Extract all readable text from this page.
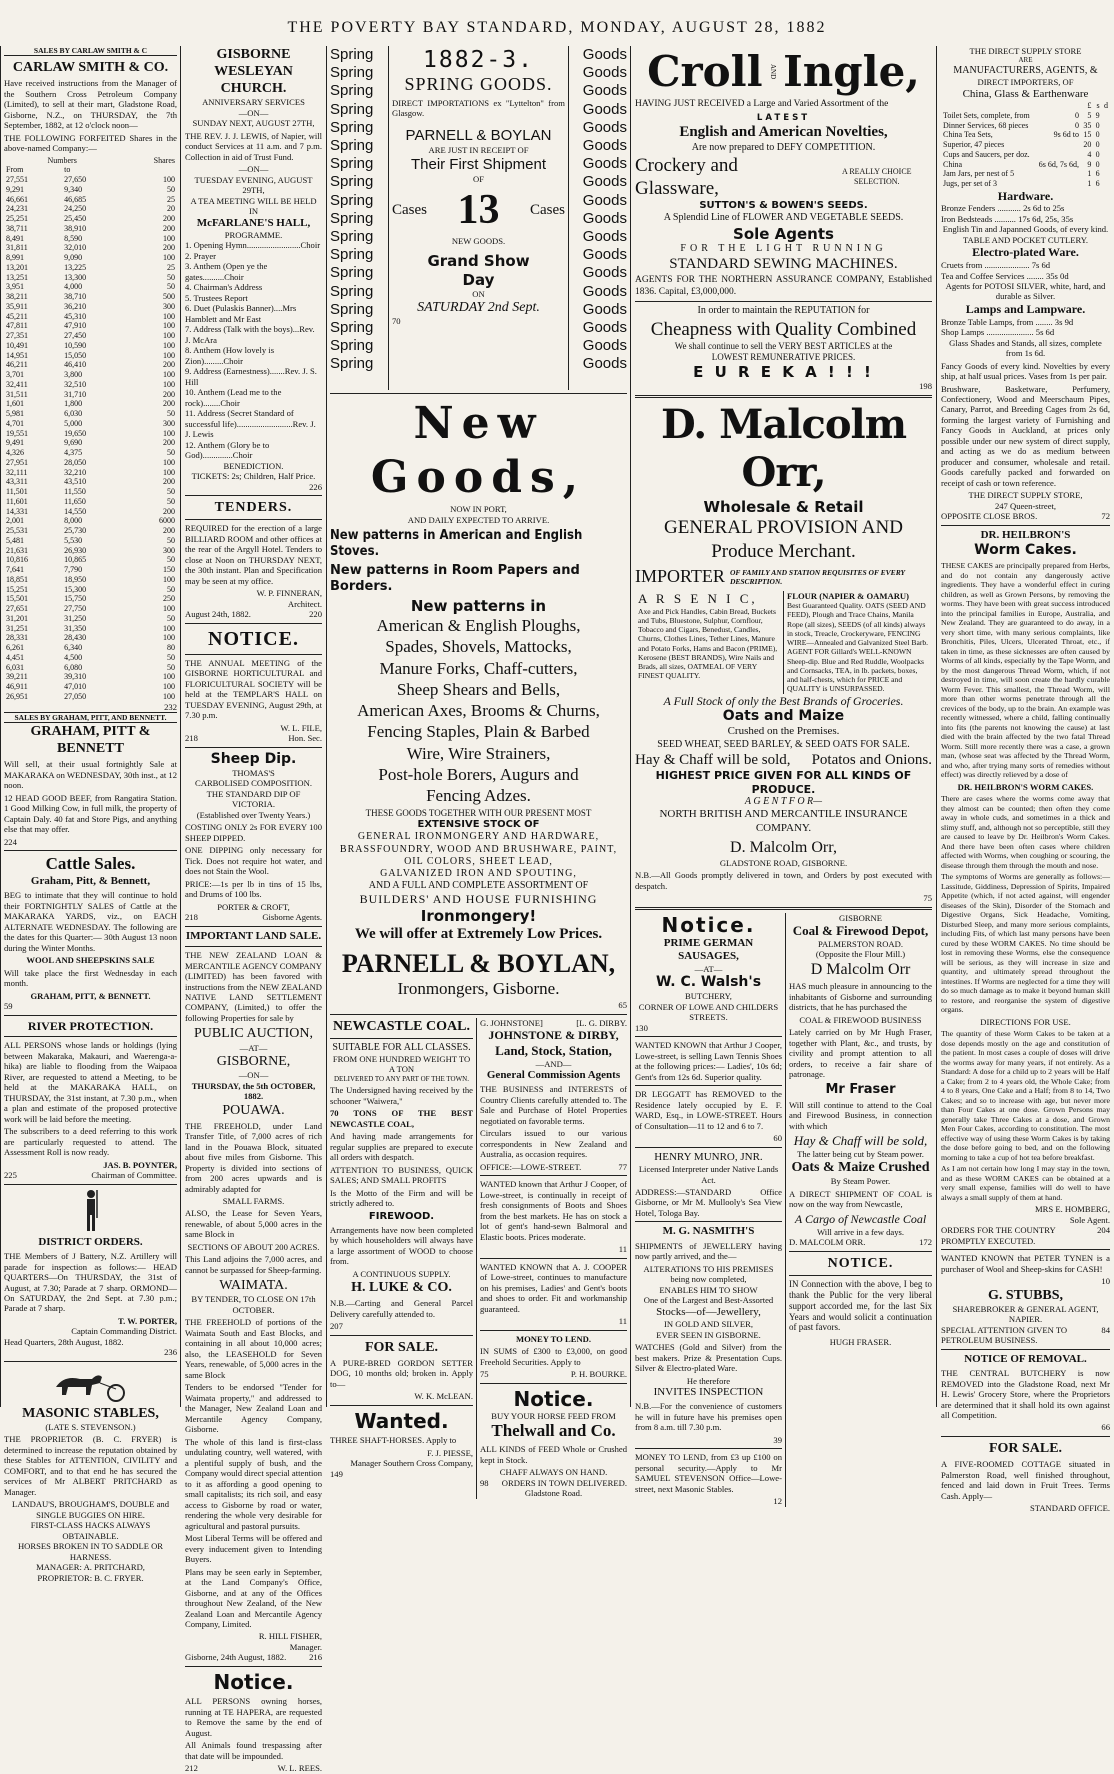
THE POVERTY BAY STANDARD, MONDAY, AUGUST 28, 1882
SALES BY CARLAW SMITH & C
CARLAW SMITH & CO.
Have received instructions from the Manager of the Southern Cross Petroleum Company (Limited), to sell at their mart, Gladstone Road, Gisborne, N.Z., on THURSDAY, the 7th September, 1882, at 12 o'clock noon—
THE FOLLOWING FORFEITED Shares in the above-named Company:—
Numbers		Shares
From	to	
27,551	27,650	100
9,291	9,340	50
46,661	46,685	25
24,231	24,250	20
25,251	25,450	200
38,711	38,910	200
8,491	8,590	100
31,811	32,010	200
8,991	9,090	100
13,201	13,225	25
13,251	13,300	50
3,951	4,000	50
38,211	38,710	500
35,911	36,210	300
45,211	45,310	100
47,811	47,910	100
27,351	27,450	100
10,491	10,590	100
14,951	15,050	100
46,211	46,410	200
3,701	3,800	100
32,411	32,510	100
31,511	31,710	200
1,601	1,800	200
5,981	6,030	50
4,701	5,000	300
19,551	19,650	100
9,491	9,690	200
4,326	4,375	50
27,951	28,050	100
32,111	32,210	100
43,311	43,510	200
11,501	11,550	50
11,601	11,650	50
14,331	14,550	200
2,001	8,000	6000
25,531	25,730	200
5,481	5,530	50
21,631	26,930	300
10,816	10,865	50
7,641	7,790	150
18,851	18,950	100
15,251	15,300	50
15,501	15,750	250
27,651	27,750	100
31,201	31,250	50
31,251	31,350	100
28,331	28,430	100
6,261	6,340	80
4,451	4,500	50
6,031	6,080	50
39,211	39,310	100
46,911	47,010	100
26,951	27,050	100
232
SALES BY GRAHAM, PITT, AND BENNETT.
GRAHAM, PITT & BENNETT
Will sell, at their usual fortnightly Sale at MAKARAKA on WEDNESDAY, 30th inst., at 12 noon.
12 HEAD GOOD BEEF, from Rangatira Station. 1 Good Milking Cow, in full milk, the property of Captain Daly. 40 fat and Store Pigs, and anything else that may offer.
224
Cattle Sales.
Graham, Pitt, & Bennett,
BEG to intimate that they will continue to hold their FORTNIGHTLY SALES of Cattle at the MAKARAKA YARDS, viz., on EACH ALTERNATE WEDNESDAY. The following are the dates for this Quarter:— 30th August 13 noon during the Winter Months.
WOOL AND SHEEPSKINS SALE
Will take place the first Wednesday in each month.
GRAHAM, PITT, & BENNETT.
59
RIVER PROTECTION.
ALL PERSONS whose lands or holdings (lying between Makaraka, Makauri, and Waerenga-a-hika) are liable to flooding from the Waipaoa River, are requested to attend a Meeting, to be held at the MAKARAKA HALL, on THURSDAY, the 31st instant, at 7.30 p.m., when a plan and estimate of the proposed protective work will be laid before the meeting.
The subscribers to a deed referring to this work are particularly requested to attend. The Assessment Roll is now ready.
JAS. B. POYNTER,
225	Chairman of Committee.
DISTRICT ORDERS.
THE Members of J Battery, N.Z. Artillery will parade for inspection as follows:— HEAD QUARTERS—On THURSDAY, the 31st of August, at 7.30; Parade at 7 sharp. ORMOND—On SATURDAY, the 2nd Sept. at 7.30 p.m.; Parade at 7 sharp.
T. W. PORTER,
Captain Commanding District.
Head Quarters, 28th August, 1882.
236
MASONIC STABLES,
(LATE S. STEVENSON.)
THE PROPRIETOR (B. C. FRYER) is determined to increase the reputation obtained by these Stables for ATTENTION, CIVILITY and COMFORT, and to that end he has secured the services of Mr ALBERT PRITCHARD as Manager.
LANDAU'S, BROUGHAM'S, DOUBLE and SINGLE BUGGIES ON HIRE.
FIRST-CLASS HACKS ALWAYS OBTAINABLE.
HORSES BROKEN IN TO SADDLE OR HARNESS.
MANAGER: A. PRITCHARD,
PROPRIETOR: B. C. FRYER.
GISBORNE
WESLEYAN CHURCH.
ANNIVERSARY SERVICES
—ON—
SUNDAY NEXT, AUGUST 27TH,
THE REV. J. J. LEWIS, of Napier, will conduct Services at 11 a.m. and 7 p.m. Collection in aid of Trust Fund.
—ON—
TUESDAY EVENING, AUGUST 29TH,
A TEA MEETING WILL BE HELD IN
McFARLANE'S HALL,
PROGRAMME.
1. Opening Hymn.........................Choir
2. Prayer
3. Anthem (Open ye the gates..........Choir
4. Chairman's Address
5. Trustees Report
6. Duet (Pulaskis Banner)....Mrs Hamblett and Mr East
7. Address (Talk with the boys)...Rev. J. McAra
8. Anthem (How lovely is Zion).........Choir
9. Address (Earnestness).......Rev. J. S. Hill
10. Anthem (Lead me to the rock)........Choir
11. Address (Secret Standard of successful life)..........................Rev. J. J. Lewis
12. Anthem (Glory be to God)..............Choir
BENEDICTION.
TICKETS: 2s; Children, Half Price.
226
TENDERS.
REQUIRED for the erection of a large BILLIARD ROOM and other offices at the rear of the Argyll Hotel. Tenders to close at Noon on THURSDAY NEXT, the 30th instant. Plan and Specification may be seen at my office.
W. P. FINNERAN,
Architect.
August 24th, 1882.	220
NOTICE.
THE ANNUAL MEETING of the GISBORNE HORTICULTURAL and FLORICULTURAL SOCIETY will be held at the TEMPLAR'S HALL on TUESDAY EVENING, August 29th, at 7.30 p.m.
W. L. FILE,
218	Hon. Sec.
Sheep Dip.
THOMAS'S
CARBOLISED COMPOSITION.
THE STANDARD DIP OF VICTORIA.
(Established over Twenty Years.)
COSTING ONLY 2s FOR EVERY 100 SHEEP DIPPED.
ONE DIPPING only necessary for Tick. Does not require hot water, and does not Stain the Wool.
PRICE:—1s per lb in tins of 15 lbs, and Drums of 100 lbs.
PORTER & CROFT,
218	Gisborne Agents.
IMPORTANT LAND SALE.
THE NEW ZEALAND LOAN & MERCANTILE AGENCY COMPANY (LIMITED) has been favored with instructions from the NEW ZEALAND NATIVE LAND SETTLEMENT COMPANY, (Limited,) to offer the following Properties for sale by
PUBLIC AUCTION,
—AT—
GISBORNE,
—ON—
THURSDAY, the 5th OCTOBER, 1882.
POUAWA.
THE FREEHOLD, under Land Transfer Title, of 7,000 acres of rich land in the Pouawa Block, situated about five miles from Gisborne. This Property is divided into sections of from 200 acres upwards and is admirably adapted for
SMALL FARMS.
ALSO, the Lease for Seven Years, renewable, of about 5,000 acres in the same Block in
SECTIONS OF ABOUT 200 ACRES.
This Land adjoins the 7,000 acres, and cannot be surpassed for Sheep-farming.
WAIMATA.
BY TENDER, TO CLOSE ON 17th OCTOBER.
THE FREEHOLD of portions of the Waimata South and East Blocks, and containing in all about 10,000 acres; also, the LEASEHOLD for Seven Years, renewable, of 5,000 acres in the same Block
Tenders to be endorsed "Tender for Waimata property," and addressed to the Manager, New Zealand Loan and Mercantile Agency Company, Gisborne.
The whole of this land is first-class undulating country, well watered, with a plentiful supply of bush, and the Company would direct special attention to it as affording a good opening to small capitalists; its rich soil, and easy access to Gisborne by road or water, rendering the whole very desirable for agricultural and pastoral pursuits.
Most Liberal Terms will be offered and every inducement given to Intending Buyers.
Plans may be seen early in September, at the Land Company's Office, Gisborne, and at any of the Offices throughout New Zealand, of the New Zealand Loan and Mercantile Agency Company, Limited.
R. HILL FISHER,
Manager.
Gisborne, 24th August, 1882.	216
Notice.
ALL PERSONS owning horses, running at TE HAPERA, are requested to Remove the same by the end of August.
All Animals found trespassing after that date will be impounded.
212	W. L. REES.
Spring
Spring
Spring
Spring
Spring
Spring
Spring
Spring
Spring
Spring
Spring
Spring
Spring
Spring
Spring
Spring
Spring
Spring
1882-3.
SPRING GOODS.
DIRECT IMPORTATIONS ex "Lyttelton" from Glasgow.
PARNELL & BOYLAN
ARE JUST IN RECEIPT OF
Their First Shipment
OF
Cases 13 Cases
NEW GOODS.
Grand Show
Day
ON
SATURDAY 2nd Sept.
70
Goods
Goods
Goods
Goods
Goods
Goods
Goods
Goods
Goods
Goods
Goods
Goods
Goods
Goods
Goods
Goods
Goods
Goods
New Goods,
NOW IN PORT,
AND DAILY EXPECTED TO ARRIVE.
New patterns in American and English Stoves.
New patterns in Room Papers and Borders.
New patterns in
American & English Ploughs,
Spades, Shovels, Mattocks,
Manure Forks, Chaff-cutters,
Sheep Shears and Bells,
American Axes, Brooms & Churns,
Fencing Staples, Plain & Barbed
Wire, Wire Strainers,
Post-hole Borers, Augurs and
Fencing Adzes.
THESE GOODS TOGETHER WITH OUR PRESENT MOST
EXTENSIVE STOCK OF
GENERAL IRONMONGERY AND HARDWARE,
BRASSFOUNDRY, WOOD AND BRUSHWARE, PAINT,
OIL COLORS, SHEET LEAD,
GALVANIZED IRON AND SPOUTING,
AND A FULL AND COMPLETE ASSORTMENT OF
BUILDERS' AND HOUSE FURNISHING
Ironmongery!
We will offer at Extremely Low Prices.
PARNELL & BOYLAN,
Ironmongers, Gisborne.
65
NEWCASTLE COAL.
SUITABLE FOR ALL CLASSES.
FROM ONE HUNDRED WEIGHT TO A TON
DELIVERED TO ANY PART OF THE TOWN.
The Undersigned having received by the schooner "Waiwera,"
70 TONS OF THE BEST NEWCASTLE COAL,
And having made arrangements for regular supplies are prepared to execute all orders with despatch.
ATTENTION TO BUSINESS, QUICK SALES; AND SMALL PROFITS
Is the Motto of the Firm and will be strictly adhered to.
FIREWOOD.
Arrangements have now been completed by which householders will always have a large assortment of WOOD to choose from.
A CONTINUOUS SUPPLY.
H. LUKE & CO.
N.B.—Carting and General Parcel Delivery carefully attended to.
207
FOR SALE.
A PURE-BRED GORDON SETTER DOG, 10 months old; broken in. Apply to—
W. K. McLEAN.
Wanted.
THREE SHAFT-HORSES. Apply to
F. J. PIESSE,
Manager Southern Cross Company,
149
G. JOHNSTONE]	[L. G. DIRBY.
JOHNSTONE & DIRBY,
Land, Stock, Station,
—AND—
General Commission Agents
THE BUSINESS and INTERESTS of Country Clients carefully attended to. The Sale and Purchase of Hotel Properties negotiated on favorable terms.
Circulars issued to our various correspondents in New Zealand and Australia, as occasion requires.
OFFICE:—LOWE-STREET.	77
WANTED known that Arthur J Cooper, of Lowe-street, is continually in receipt of fresh consignments of Boots and Shoes from the best markets. He has on stock a lot of gent's hand-sewn Balmoral and Elastic boots. Prices moderate.
11
WANTED KNOWN that A. J. COOPER of Lowe-street, continues to manufacture on his premises, Ladies' and Gent's boots and shoes to order. Fit and workmanship guaranteed.
11
MONEY TO LEND.
IN SUMS of £300 to £3,000, on good Freehold Securities. Apply to
75	P. H. BOURKE.
Notice.
BUY YOUR HORSE FEED FROM
Thelwall and Co.
ALL KINDS of FEED Whole or Crushed kept in Stock.
CHAFF ALWAYS ON HAND.
98 ORDERS IN TOWN DELIVERED.
Gladstone Road.
Croll AND Ingle,
HAVING JUST RECEIVED a Large and Varied Assortment of the
LATEST
English and American Novelties,
Are now prepared to DEFY COMPETITION.
Crockery and Glassware,
A REALLY CHOICE SELECTION.
SUTTON'S & BOWEN'S SEEDS.
A Splendid Line of FLOWER AND VEGETABLE SEEDS.
Sole Agents
FOR THE LIGHT RUNNING
STANDARD SEWING MACHINES.
AGENTS FOR THE NORTHERN ASSURANCE COMPANY, Established 1836. Capital, £3,000,000.
In order to maintain the REPUTATION for
Cheapness with Quality Combined
We shall continue to sell the VERY BEST ARTICLES at the
LOWEST REMUNERATIVE PRICES.
E U R E K A ! ! !
198
D. Malcolm Orr,
Wholesale & Retail
GENERAL PROVISION AND
Produce Merchant.
IMPORTER OF FAMILY AND STATION REQUISITES OF EVERY DESCRIPTION.
A R S E N I C,
Axe and Pick Handles, Cabin Bread, Buckets and Tubs, Bluestone, Sulphur, Cornflour, Tobacco and Cigars, Benedust, Candles, Churns, Clothes Lines, Tether Lines, Manure and Potato Forks, Hams and Bacon (PRIME), Kerosene (BEST BRANDS), Wire Nails and Brads, all sizes, OATMEAL OF VERY FINEST QUALITY.
FLOUR (NAPIER & OAMARU)
Best Guaranteed Quality. OATS (SEED AND FEED), Plough and Trace Chains, Manila Rope (all sizes), SEEDS (of all kinds) always in stock, Treacle, Crockeryware, FENCING WIRE—Annealed and Galvanized Steel Barb. AGENT FOR Gillard's WELL-KNOWN Sheep-dip. Blue and Red Ruddle, Woolpacks and Cornsacks, TEA, in lb. packets, boxes, and half-chests, which for PRICE and QUALITY is UNSURPASSED.
A Full Stock of only the Best Brands of Groceries.
Oats and Maize
Crushed on the Premises.
SEED WHEAT, SEED BARLEY, & SEED OATS FOR SALE.
Hay & Chaff will be sold, Potatos and Onions.
HIGHEST PRICE GIVEN FOR ALL KINDS OF PRODUCE.
A G E N T F O R—
NORTH BRITISH AND MERCANTILE INSURANCE COMPANY.
D. Malcolm Orr,
GLADSTONE ROAD, GISBORNE.
N.B.—All Goods promptly delivered in town, and Orders by post executed with despatch.
75
Notice.
PRIME GERMAN SAUSAGES,
—AT—
W. C. Walsh's
BUTCHERY,
CORNER OF LOWE AND CHILDERS STREETS.
130
WANTED KNOWN that Arthur J Cooper, Lowe-street, is selling Lawn Tennis Shoes at the following prices:— Ladies', 10s 6d; Gent's from 12s 6d. Superior quality.
DR LEGGATT has REMOVED to the Residence lately occupied by E. F. WARD, Esq., in LOWE-STREET. Hours of Consultation—11 to 12 and 6 to 7.
60
HENRY MUNRO, JNR.
Licensed Interpreter under Native Lands Act.
ADDRESS:—STANDARD Office Gisborne, or Mr M. Mullooly's Sea View Hotel, Tologa Bay.
M. G. NASMITH'S
SHIPMENTS of JEWELLERY having now partly arrived, and the—
ALTERATIONS TO HIS PREMISES
being now completed,
ENABLES HIM TO SHOW
One of the Largest and Best-Assorted
Stocks—of—Jewellery,
IN GOLD AND SILVER,
EVER SEEN IN GISBORNE.
WATCHES (Gold and Silver) from the best makers. Prize & Presentation Cups. Silver & Electro-plated Ware.
He therefore
INVITES INSPECTION
N.B.—For the convenience of customers he will in future have his premises open from 8 a.m. till 7.30 p.m.
39
MONEY TO LEND, from £3 up £100 on personal security.—Apply to Mr SAMUEL STEVENSON Office—Lowe-street, next Masonic Stables.
12
GISBORNE
Coal & Firewood Depot,
PALMERSTON ROAD.
(Opposite the Flour Mill.)
D Malcolm Orr
HAS much pleasure in announcing to the inhabitants of Gisborne and surrounding districts, that he has purchased the
COAL & FIREWOOD BUSINESS
Lately carried on by Mr Hugh Fraser, together with Plant, &c., and trusts, by civility and prompt attention to all orders, to receive a fair share of patronage.
Mr Fraser
Will still continue to attend to the Coal and Firewood Business, in connection with which
Hay & Chaff will be sold,
The latter being cut by Steam power.
Oats & Maize Crushed
By Steam Power.
A DIRECT SHIPMENT OF COAL is now on the way from Newcastle,
A Cargo of Newcastle Coal
Will arrive in a few days.
D. MALCOLM ORR.	172
NOTICE.
IN Connection with the above, I beg to thank the Public for the very liberal support accorded me, for the last Six Years and would solicit a continuation of past favors.
HUGH FRASER.
THE DIRECT SUPPLY STORE
ARE
MANUFACTURERS, AGENTS, &
DIRECT IMPORTERS, OF
China, Glass & Earthenware
		£	s	d
Toilet Sets, complete, from	0	5	9	
Dinner Services, 68 pieces	0	35	0	
China Tea Sets,	9s 6d to	15	0	
Superior, 47 pieces		20	0	
Cups and Saucers, per doz.		4	0	
China	6s 6d, 7s 6d,	9	0	
Jam Jars, per nest of 5		1	6	
Jugs, per set of 3		1	6	
Hardware.
Bronze Fenders ........... 2s 6d to 25s
Iron Bedsteads .......... 17s 6d, 25s, 35s
English Tin and Japanned Goods, of every kind.
TABLE AND POCKET CUTLERY.
Electro-plated Ware.
Cruets from ..................... 7s 6d
Tea and Coffee Services ........ 35s 0d
Agents for POTOSI SILVER, white, hard, and durable as Silver.
Lamps and Lampware.
Bronze Table Lamps, from ........ 3s 9d
Shop Lamps ...................... 5s 6d
Glass Shades and Stands, all sizes, complete from 1s 6d.
Fancy Goods of every kind. Novelties by every ship, at half usual prices. Vases from 1s per pair.
Brushware, Basketware, Perfumery, Confectionery, Wood and Meerschaum Pipes, Canary, Parrot, and Breeding Cages from 2s 6d, forming the largest variety of Furnishing and Fancy Goods in Auckland, at prices only possible under our new system of direct supply, and acting as we do as medium between producer and consumer, wholesale and retail. Goods carefully packed and forwarded on receipt of cash or town reference.
THE DIRECT SUPPLY STORE,
247 Queen-street,
OPPOSITE CLOSE BROS.	72
DR. HEILBRON'S
Worm Cakes.
THESE CAKES are principally prepared from Herbs, and do not contain any dangerously active ingredients. They have a wonderful effect in curing children, as well as Grown Persons, by removing the worms. They have been with great success introduced into the principal families in Europe, Australia, and New Zealand. They are guaranteed to do away, in a very short time, with many serious complaints, like Bronchitis, Piles, Ulcers, Ulcerated Throat, etc., if taken in time, as these sicknesses are often caused by Worms of all kinds, especially by the Tape Worm, and by the most dangerous Thread Worm, which, if not destroyed in time, will soon create the hardly curable Worm Fever. This smallest, the Thread Worm, will more than other worms penetrate through all the crevices of the body, up to the brain. An example was recently witnessed, where a child, falling continually into fits (the parents not knowing the cause) at last died with the brain affected by the two fatal Thread Worm. Still more recently there was a case, a grown man, (whose seat was affected by the Thread Worm, and who, after trying many sorts of remedies without effect) was directly relieved by a dose of
DR. HEILBRON'S WORM CAKES.
There are cases where the worms come away that they almost can be counted; then often they come away in whole cuds, and sometimes in a thick and slimy stuff, and, although not so perceptible, still they are caused to leave by Dr. Heilbron's Worm Cakes. And there have been often cases where children affected with Worms, when coughing or scouring, the disease through them through the mouth and nose.
The symptoms of Worms are generally as follows:—Lassitude, Giddiness, Depression of Spirits, Impaired Appetite (which, if not acted against, will engender diseases of the Skin), Disorder of the Stomach and Digestive Organs, Sick Headache, Vomiting, Disturbed Sleep, and many more serious complaints, including Fits, of which last many persons have been cured by these WORM CAKES. No time should be lost in removing these Worms, else the consequence will be serious, as they will increase in size and quantity, and ultimately spread throughout the intestines. If Worms are neglected for a time they will do so much damage as to make it beyond human skill to restore, and reorganise the system of digestive organs.
DIRECTIONS FOR USE.
The quantity of these Worm Cakes to be taken at a dose depends mostly on the age and constitution of the patient. In most cases a couple of doses will drive the worms away for many years, if not entirely. As a Standard: A dose for a child up to 2 years will be Half a Cake; from 2 to 4 years old, the Whole Cake; from 4 to 8 years, One Cake and a Half; from 8 to 14, Two Cakes; and so to increase with age, but never more than Four Cakes at one dose. Grown Persons may generally take Three Cakes at a dose, and Grown Men Four Cakes, according to constitution. The most effective way of using these Worm Cakes is by taking the dose before going to bed, and on the following morning to take a cup of hot tea before breakfast.
As I am not certain how long I may stay in the town, and as these WORM CAKES can be obtained at a very small expense, families will do well to have always a small supply of them at hand.
MRS E. HOMBERG,
Sole Agent.
ORDERS FOR THE COUNTRY PROMPTLY EXECUTED.
204
WANTED KNOWN that PETER TYNEN is a purchaser of Wool and Sheep-skins for CASH!
10
G. STUBBS,
SHAREBROKER & GENERAL AGENT,
NAPIER.
SPECIAL ATTENTION GIVEN TO PETROLEUM BUSINESS.
84
NOTICE OF REMOVAL.
THE CENTRAL BUTCHERY is now REMOVED into the Gladstone Road, next Mr H. Lewis' Grocery Store, where the Proprietors are determined that it shall hold its own against all Competition.
66
FOR SALE.
A FIVE-ROOMED COTTAGE situated in Palmerston Road, well finished throughout, fenced and laid down in Fruit Trees. Terms Cash. Apply—
STANDARD OFFICE.
